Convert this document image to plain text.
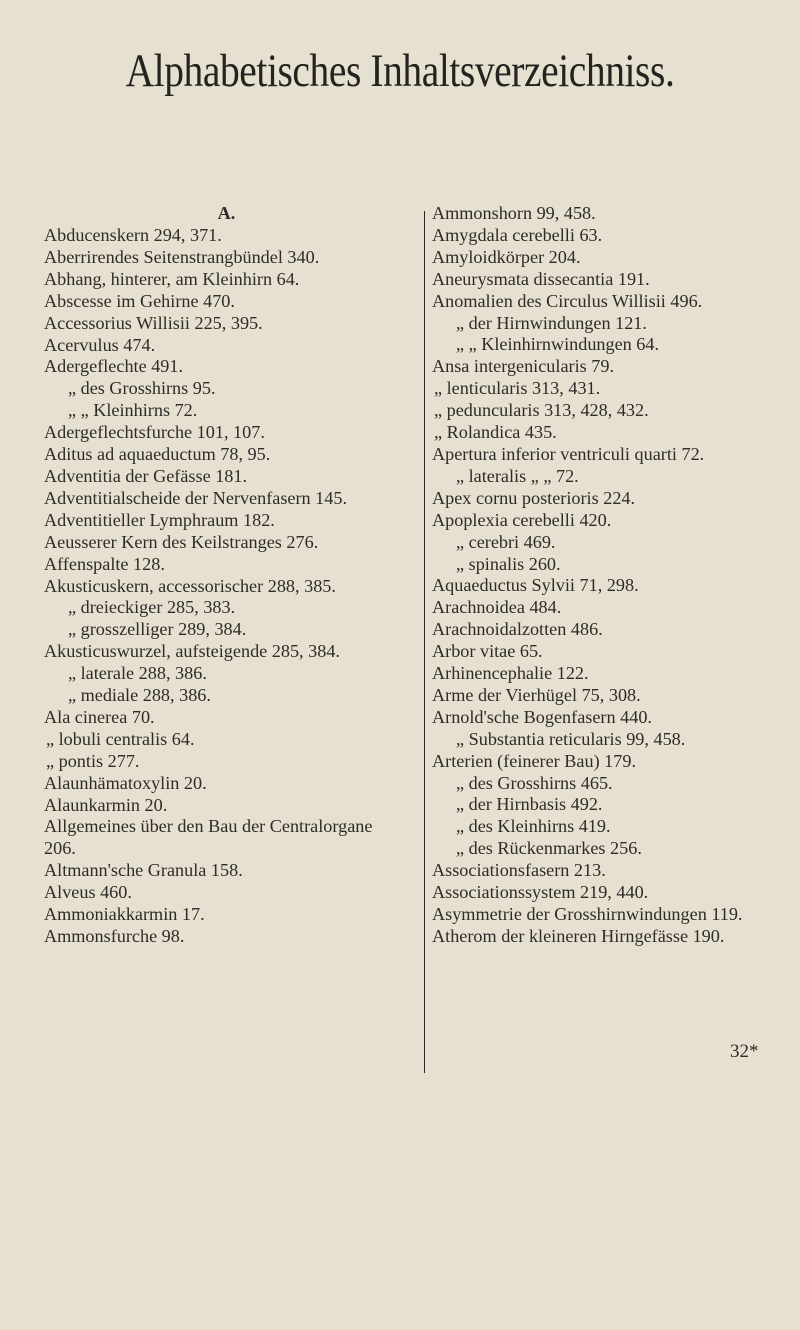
Alphabetisches Inhaltsverzeichniss.
A.
Abducenskern 294, 371.
Aberrirendes Seitenstrangbündel 340.
Abhang, hinterer, am Kleinhirn 64.
Abscesse im Gehirne 470.
Accessorius Willisii 225, 395.
Acervulus 474.
Adergeflechte 491.
„ des Grosshirns 95.
„ „ Kleinhirns 72.
Adergeflechtsfurche 101, 107.
Aditus ad aquaeductum 78, 95.
Adventitia der Gefässe 181.
Adventitialscheide der Nervenfasern 145.
Adventitieller Lymphraum 182.
Aeusserer Kern des Keilstranges 276.
Affenspalte 128.
Akusticuskern, accessorischer 288, 385.
„ dreieckiger 285, 383.
„ grosszelliger 289, 384.
Akusticuswurzel, aufsteigende 285, 384.
„ laterale 288, 386.
„ mediale 288, 386.
Ala cinerea 70.
„ lobuli centralis 64.
„ pontis 277.
Alaunhämatoxylin 20.
Alaunkarmin 20.
Allgemeines über den Bau der Centralorgane
206.
Altmann'sche Granula 158.
Alveus 460.
Ammoniakkarmin 17.
Ammonsfurche 98.
Ammonshorn 99, 458.
Amygdala cerebelli 63.
Amyloidkörper 204.
Aneurysmata dissecantia 191.
Anomalien des Circulus Willisii 496.
„ der Hirnwindungen 121.
„ „ Kleinhirnwindungen 64.
Ansa intergenicularis 79.
„ lenticularis 313, 431.
„ peduncularis 313, 428, 432.
„ Rolandica 435.
Apertura inferior ventriculi quarti 72.
„ lateralis „ „ 72.
Apex cornu posterioris 224.
Apoplexia cerebelli 420.
„ cerebri 469.
„ spinalis 260.
Aquaeductus Sylvii 71, 298.
Arachnoidea 484.
Arachnoidalzotten 486.
Arbor vitae 65.
Arhinencephalie 122.
Arme der Vierhügel 75, 308.
Arnold'sche Bogenfasern 440.
„ Substantia reticularis 99, 458.
Arterien (feinerer Bau) 179.
„ des Grosshirns 465.
„ der Hirnbasis 492.
„ des Kleinhirns 419.
„ des Rückenmarkes 256.
Associationsfasern 213.
Associationssystem 219, 440.
Asymmetrie der Grosshirnwindungen 119.
Atherom der kleineren Hirngefässe 190.
32*
